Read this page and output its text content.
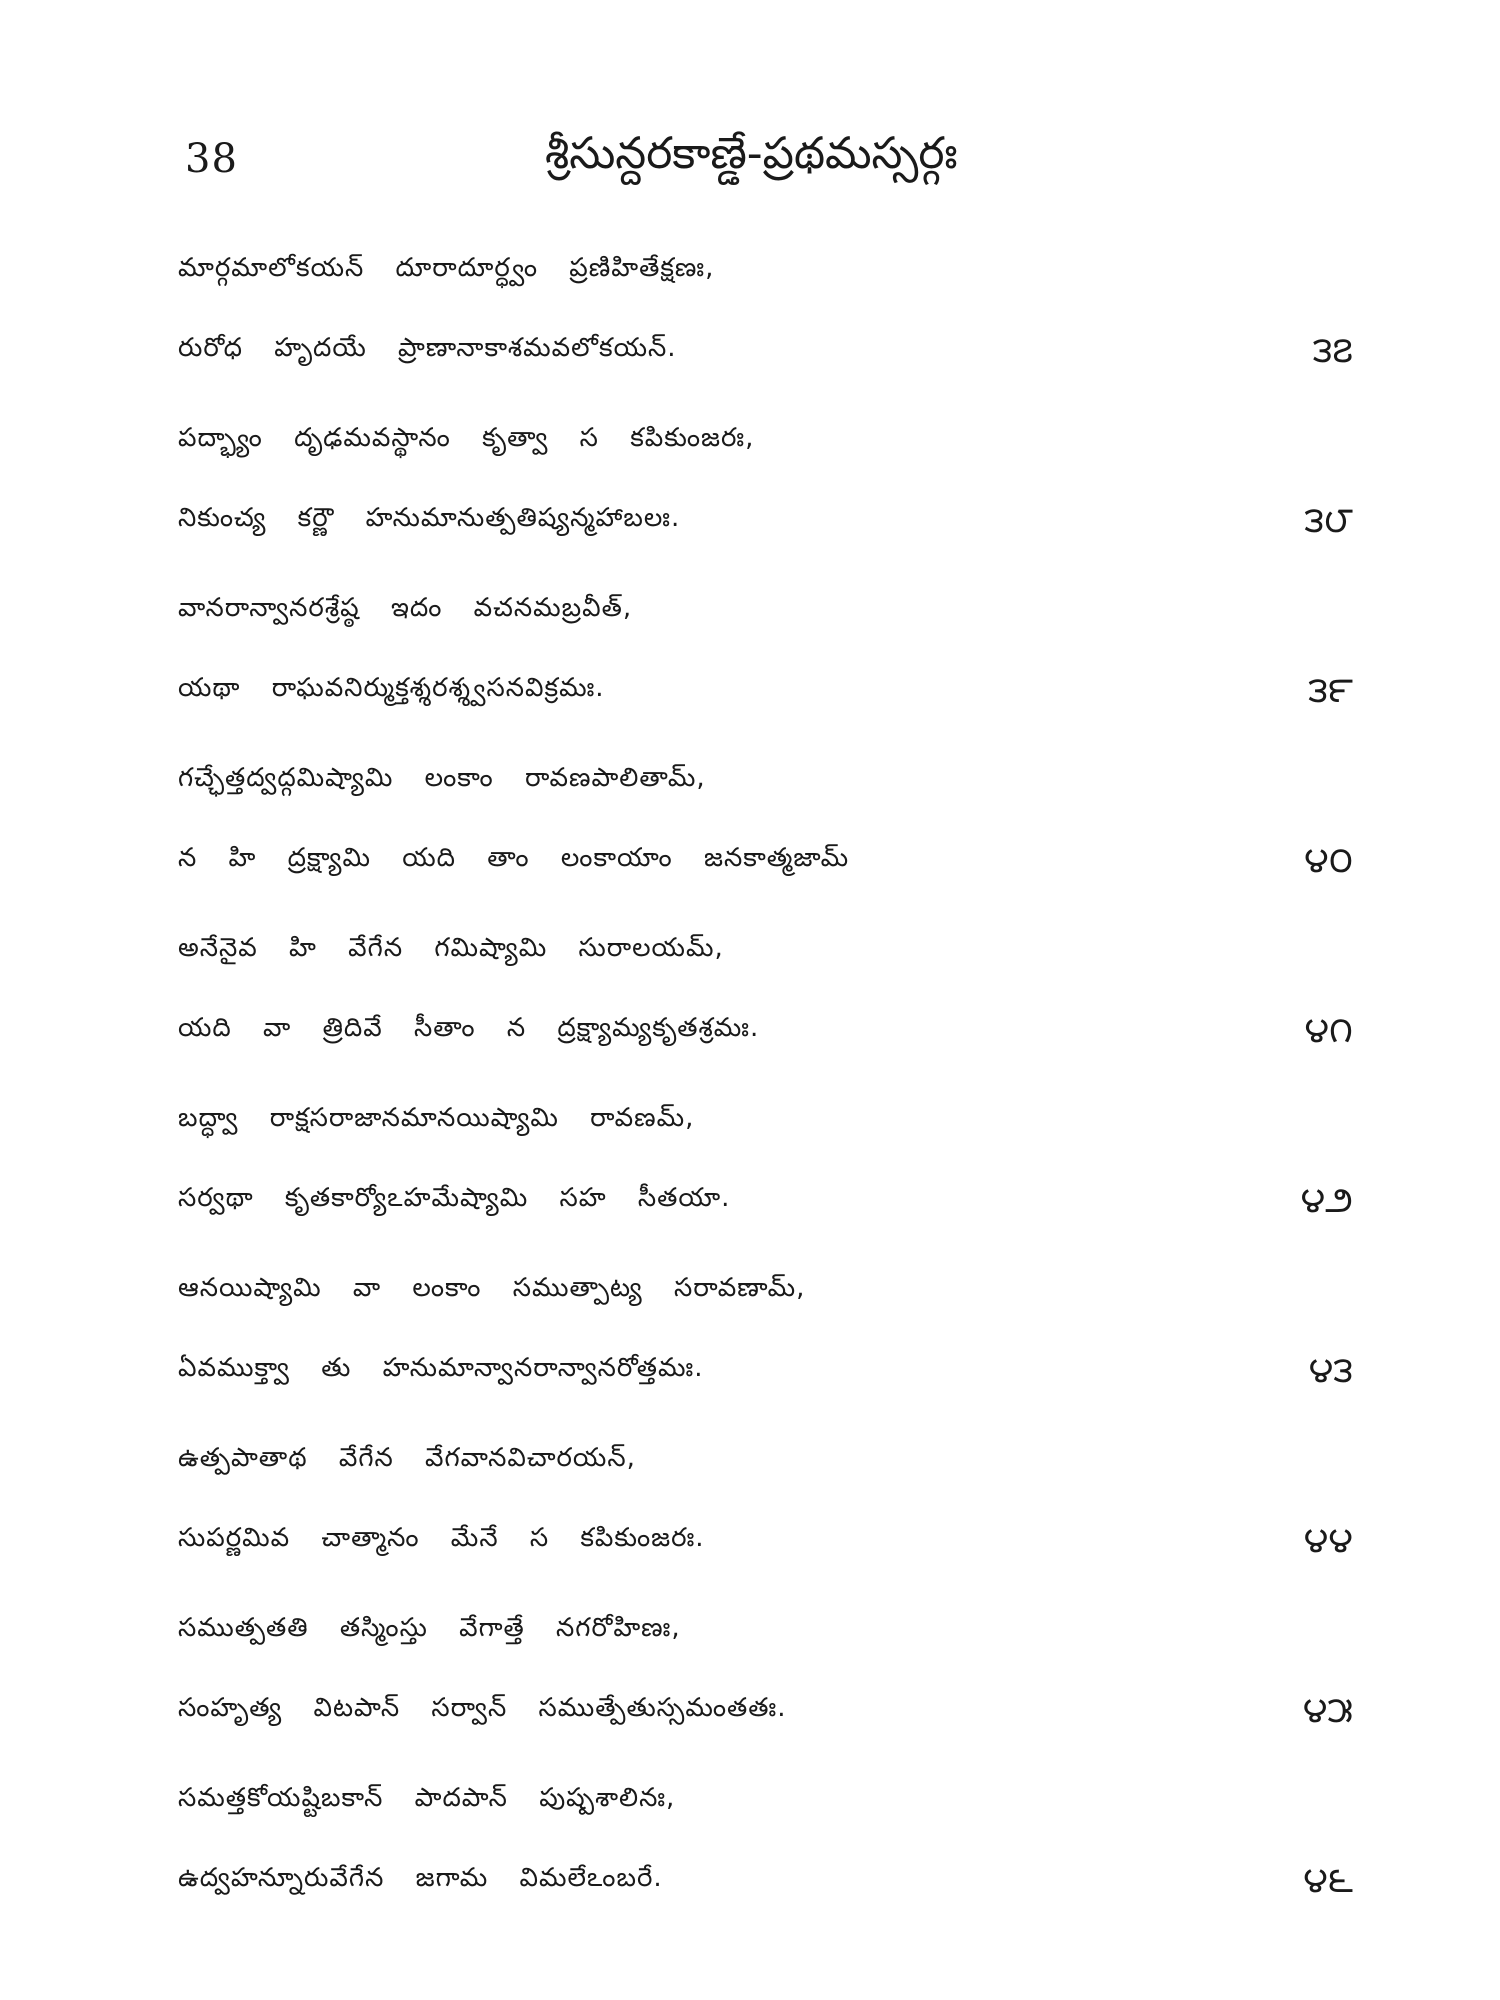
38	శ్రీసున్దరకాణ్డే-ప్రథమస్సర్గః
మార్గమాలోకయన్ దూరాదూర్ధ్వం ప్రణిహితేక్షణః,
రురోధ హృదయే ప్రాణానాకాశమవలోకయన్.	౩౭
పద్భ్యాం దృఢమవస్థానం కృత్వా స కపికుంజరః,
నికుంచ్య కర్ణౌ హనుమానుత్పతిష్యన్మహాబలః.	౩౮
వానరాన్వానరశ్రేష్ఠ ఇదం వచనమబ్రవీత్,
యథా రాఘవనిర్ముక్తశ్శరశ్శ్వసనవిక్రమః.	౩౯
గచ్ఛేత్తద్వద్గమిష్యామి లంకాం రావణపాలితామ్,
న హి ద్రక్ష్యామి యది తాం లంకాయాం జనకాత్మజామ్	౪౦
అనేనైవ హి వేగేన గమిష్యామి సురాలయమ్,
యది వా త్రిదివే సీతాం న ద్రక్ష్యామ్యకృతశ్రమః.	౪౧
బద్ధ్వా రాక్షసరాజానమానయిష్యామి రావణమ్,
సర్వథా కృతకార్యోఽహమేష్యామి సహ సీతయా.	౪౨
ఆనయిష్యామి వా లంకాం సముత్పాట్య సరావణామ్,
ఏవముక్త్వా తు హనుమాన్వానరాన్వానరోత్తమః.	౪౩
ఉత్పపాతాథ వేగేన వేగవానవిచారయన్,
సుపర్ణమివ చాత్మానం మేనే స కపికుంజరః.	౪౪
సముత్పతతి తస్మింస్తు వేగాత్తే నగరోహిణః,
సంహృత్య విటపాన్ సర్వాన్ సముత్పేతుస్సమంతతః.	౪౫
సమత్తకోయష్టిబకాన్ పాదపాన్ పుష్పశాలినః,
ఉద్వహన్నూరువేగేన జగామ విమలేఽంబరే.	౪౬
